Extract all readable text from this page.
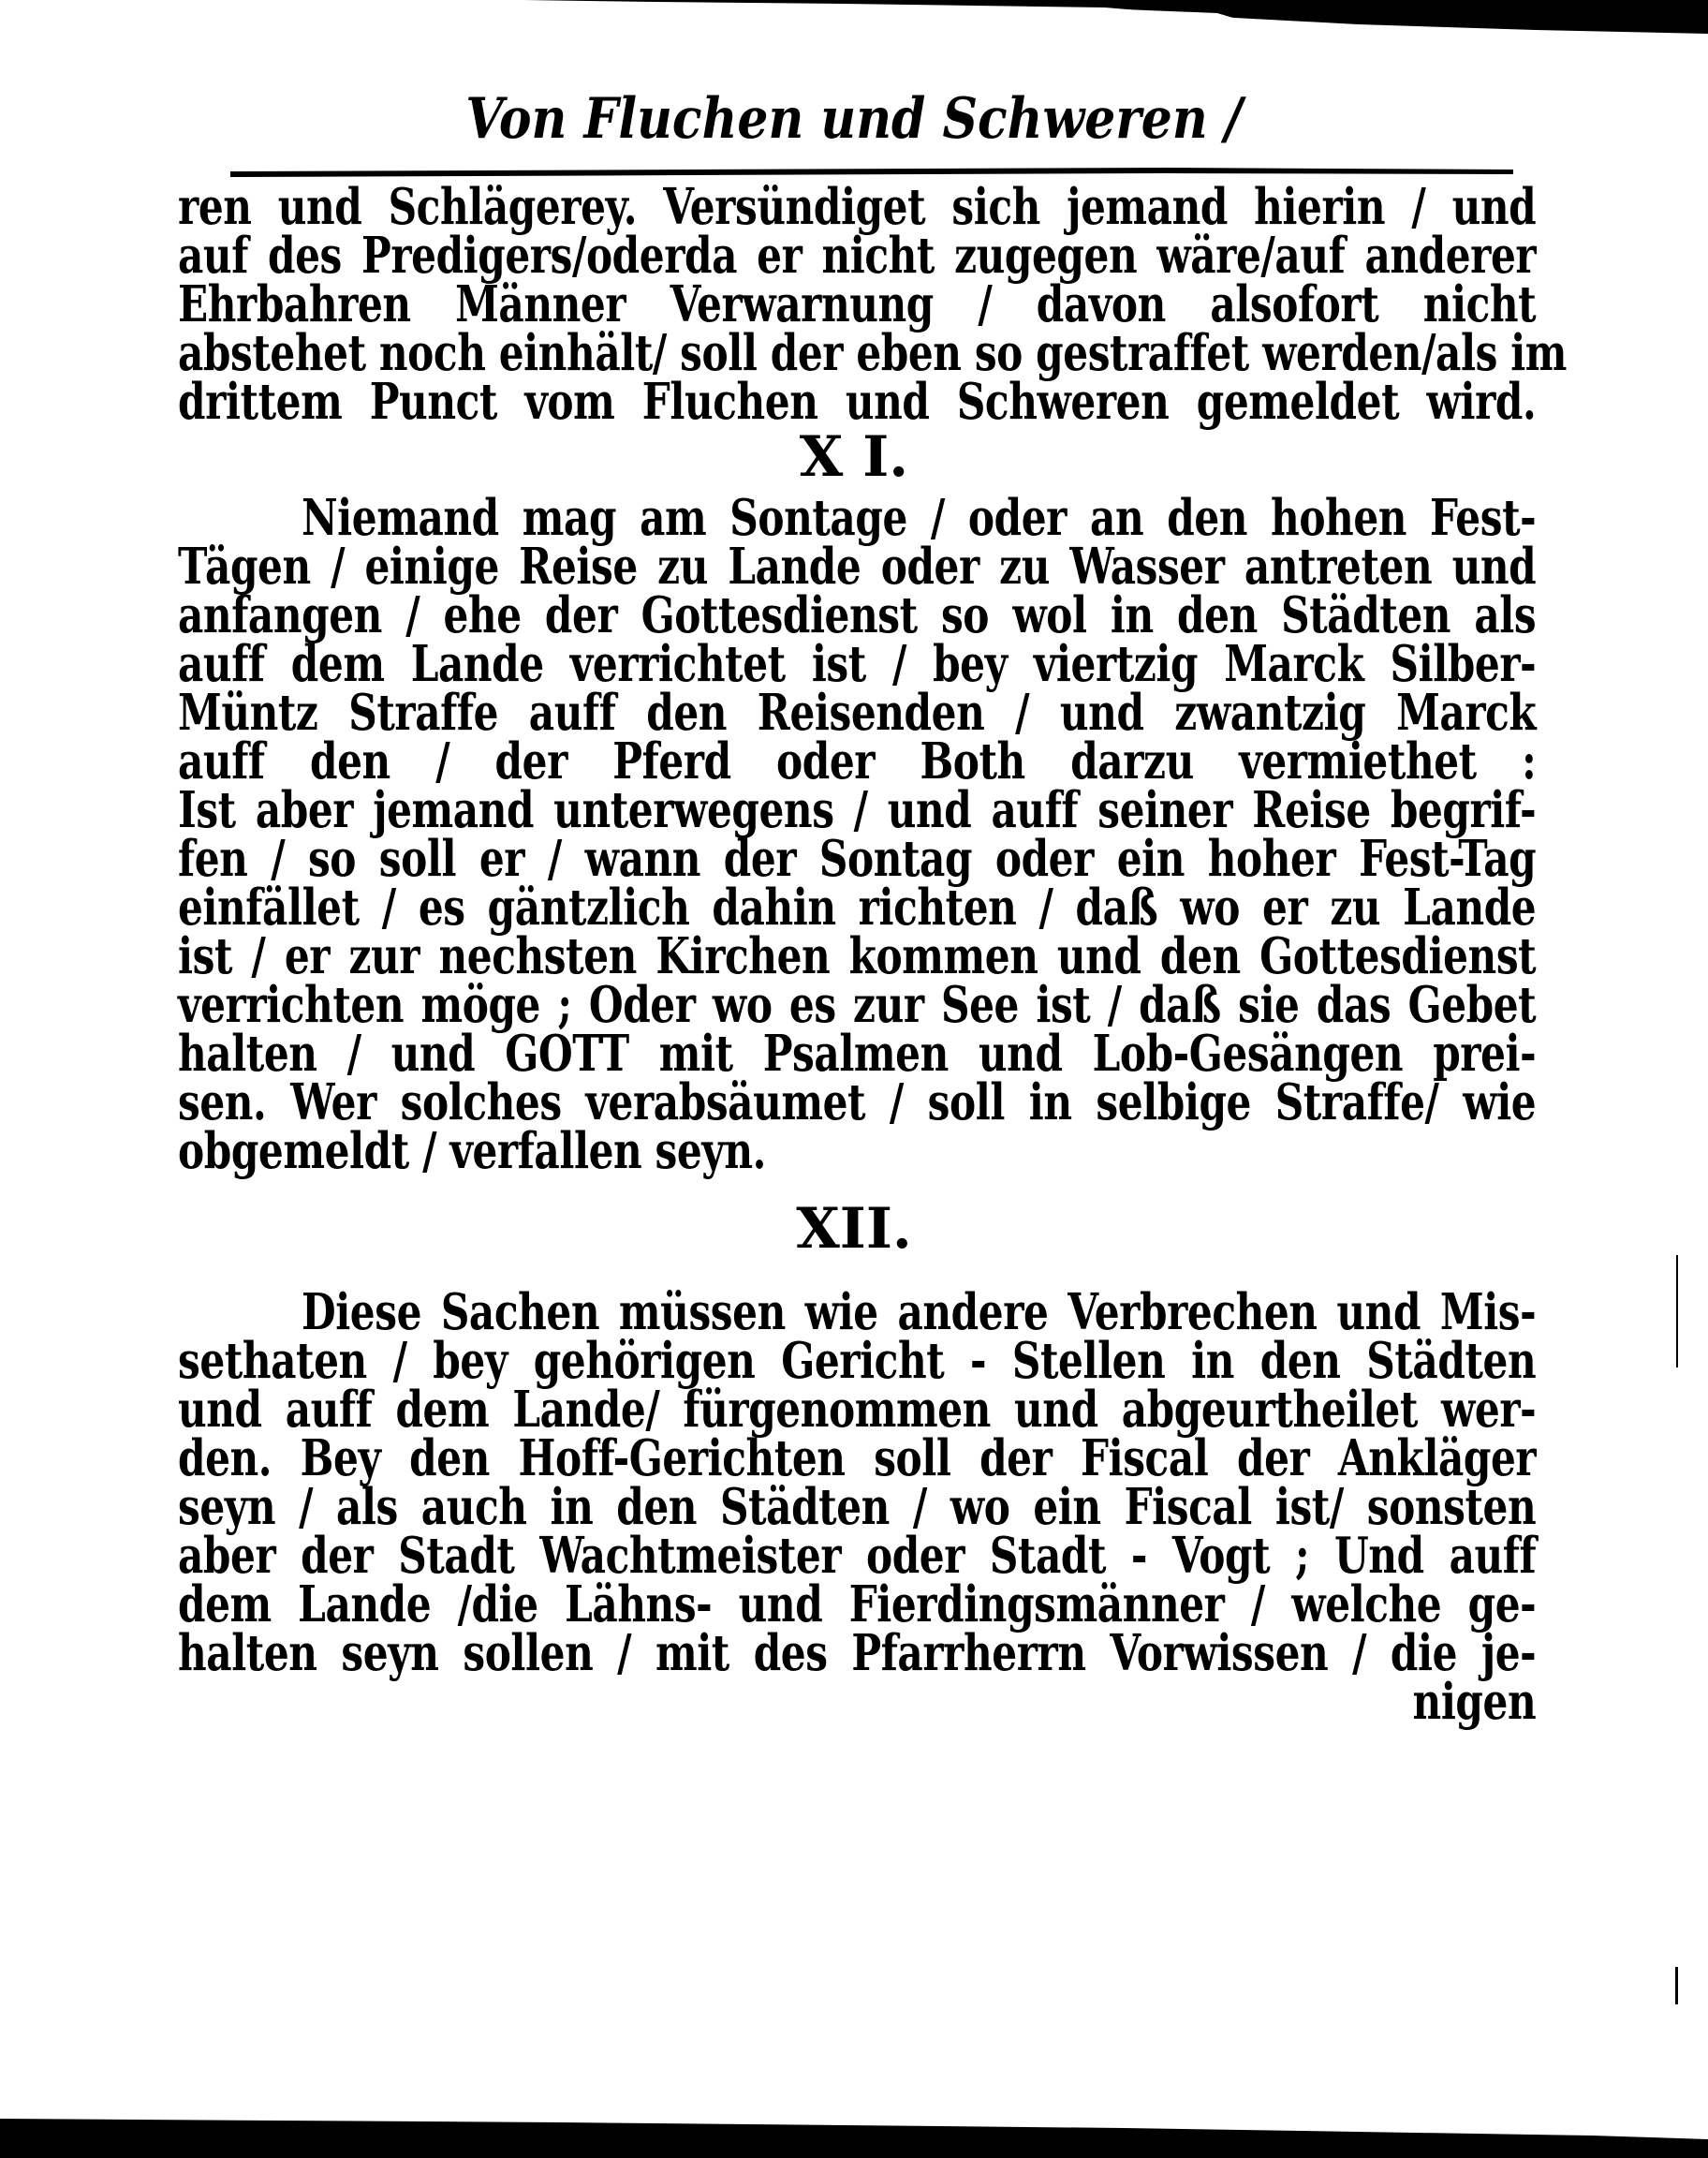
Von Fluchen und Schweren /
ren und Schlägerey. Versündiget sich jemand hierin / und
auf des Predigers/oderda er nicht zugegen wäre/auf anderer
Ehrbahren Männer Verwarnung / davon alsofort nicht
abstehet noch einhält/ soll der eben so gestraffet werden/als im
drittem Punct vom Fluchen und Schweren gemeldet wird.
X I.
Niemand mag am Sontage / oder an den hohen Fest-
Tägen / einige Reise zu Lande oder zu Wasser antreten und
anfangen / ehe der Gottesdienst so wol in den Städten als
auff dem Lande verrichtet ist / bey viertzig Marck Silber-
Müntz Straffe auff den Reisenden / und zwantzig Marck
auff den / der Pferd oder Both darzu vermiethet :
Ist aber jemand unterwegens / und auff seiner Reise begrif-
fen / so soll er / wann der Sontag oder ein hoher Fest-Tag
einfället / es gäntzlich dahin richten / daß wo er zu Lande
ist / er zur nechsten Kirchen kommen und den Gottesdienst
verrichten möge ; Oder wo es zur See ist / daß sie das Gebet
halten / und GOTT mit Psalmen und Lob-Gesängen prei-
sen. Wer solches verabsäumet / soll in selbige Straffe/ wie
obgemeldt / verfallen seyn.
XII.
Diese Sachen müssen wie andere Verbrechen und Mis-
sethaten / bey gehörigen Gericht - Stellen in den Städten
und auff dem Lande/ fürgenommen und abgeurtheilet wer-
den. Bey den Hoff-Gerichten soll der Fiscal der Ankläger
seyn / als auch in den Städten / wo ein Fiscal ist/ sonsten
aber der Stadt Wachtmeister oder Stadt - Vogt ; Und auff
dem Lande /die Lähns- und Fierdingsmänner / welche ge-
halten seyn sollen / mit des Pfarrherrn Vorwissen / die je-
nigen
